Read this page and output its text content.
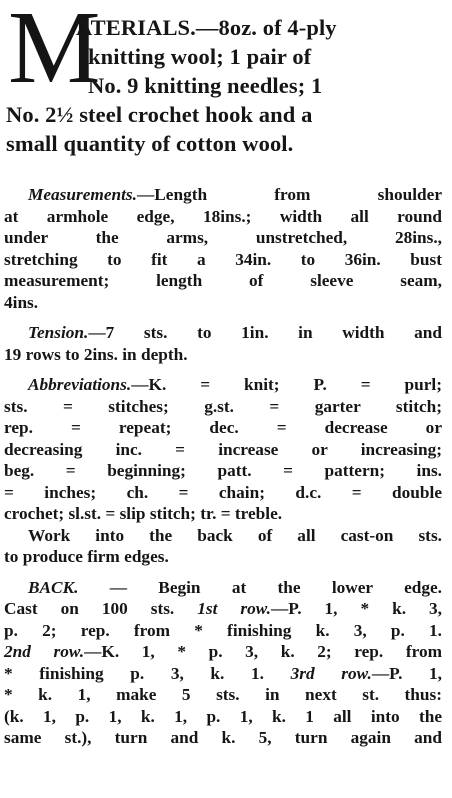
M
ATERIALS.—8oz. of 4-ply
knitting wool; 1 pair of
No. 9 knitting needles; 1
No. 2½ steel crochet hook and a
small quantity of cotton wool.
Measurements.—Length from shoulder
at armhole edge, 18ins.; width all round
under the arms, unstretched, 28ins.,
stretching to fit a 34in. to 36in. bust
measurement; length of sleeve seam,
4ins.
Tension.—7 sts. to 1in. in width and
19 rows to 2ins. in depth.
Abbreviations.—K. = knit; P. = purl;
sts. = stitches; g.st. = garter stitch;
rep. = repeat; dec. = decrease or
decreasing inc. = increase or increasing;
beg. = beginning; patt. = pattern; ins.
= inches; ch. = chain; d.c. = double
crochet; sl.st. = slip stitch; tr. = treble.
Work into the back of all cast-on sts.
to produce firm edges.
BACK. — Begin at the lower edge.
Cast on 100 sts. 1st row.—P. 1, * k. 3,
p. 2; rep. from * finishing k. 3, p. 1.
2nd row.—K. 1, * p. 3, k. 2; rep. from
* finishing p. 3, k. 1. 3rd row.—P. 1,
* k. 1, make 5 sts. in next st. thus:
(k. 1, p. 1, k. 1, p. 1, k. 1 all into the
same st.), turn and k. 5, turn again and
